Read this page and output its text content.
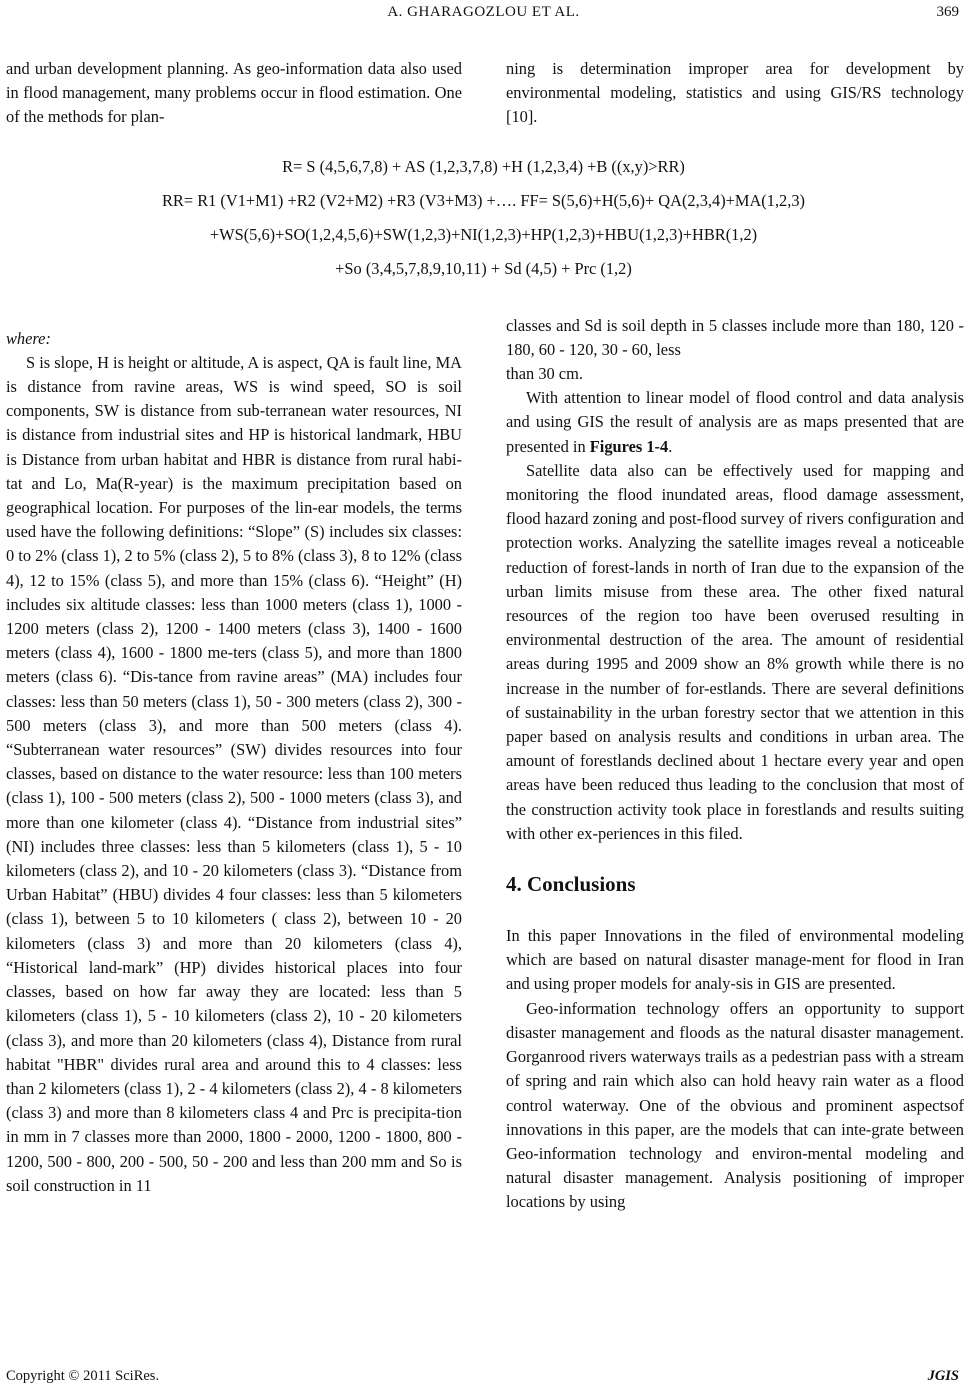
A. GHARAGOZLOU ET AL.	369

and urban development planning. As geo-information data also used in flood management, many problems occur in flood estimation. One of the methods for plan-

where:

S is slope, H is height or altitude, A is aspect, QA is fault line, MA is distance from ravine areas, WS is wind speed, SO is soil components, SW is distance from sub-terranean water resources, NI is distance from industrial sites and HP is historical landmark, HBU is Distance from urban habitat and HBR is distance from rural habi-tat and Lo, Ma(R-year) is the maximum precipitation based on geographical location. For purposes of the lin-ear models, the terms used have the following definitions: “Slope” (S) includes six classes: 0 to 2% (class 1), 2 to 5% (class 2), 5 to 8% (class 3), 8 to 12% (class 4), 12 to 15% (class 5), and more than 15% (class 6). “Height” (H) includes six altitude classes: less than 1000 meters (class 1), 1000 - 1200 meters (class 2), 1200 - 1400 meters (class 3), 1400 - 1600 meters (class 4), 1600 - 1800 me-ters (class 5), and more than 1800 meters (class 6). “Dis-tance from ravine areas” (MA) includes four classes: less than 50 meters (class 1), 50 - 300 meters (class 2), 300 - 500 meters (class 3), and more than 500 meters (class 4). “Subterranean water resources” (SW) divides resources into four classes, based on distance to the water resource: less than 100 meters (class 1), 100 - 500 meters (class 2), 500 - 1000 meters (class 3), and more than one kilometer (class 4). “Distance from industrial sites” (NI) includes three classes: less than 5 kilometers (class 1), 5 - 10 kilometers (class 2), and 10 - 20 kilometers (class 3). “Distance from Urban Habitat” (HBU) divides 4 four classes: less than 5 kilometers (class 1), between 5 to 10 kilometers ( class 2), between 10 - 20 kilometers (class 3) and more than 20 kilometers (class 4), “Historical land-mark” (HP) divides historical places into four classes, based on how far away they are located: less than 5 kilometers (class 1), 5 - 10 kilometers (class 2), 10 - 20 kilometers (class 3), and more than 20 kilometers (class 4), Distance from rural habitat "HBR" divides rural area and around this to 4 classes: less than 2 kilometers (class 1), 2 - 4 kilometers (class 2), 4 - 8 kilometers (class 3) and more than 8 kilometers class 4 and Prc is precipita-tion in mm in 7 classes more than 2000, 1800 - 2000, 1200 - 1800, 800 - 1200, 500 - 800, 200 - 500, 50 - 200 and less than 200 mm and So is soil construction in 11

R= S (4,5,6,7,8) + AS (1,2,3,7,8) +H (1,2,3,4) +B ((x,y)>RR)
RR= R1 (V1+M1) +R2 (V2+M2) +R3 (V3+M3) +…. FF= S(5,6)+H(5,6)+ QA(2,3,4)+MA(1,2,3)
+WS(5,6)+SO(1,2,4,5,6)+SW(1,2,3)+NI(1,2,3)+HP(1,2,3)+HBU(1,2,3)+HBR(1,2)
+So (3,4,5,7,8,9,10,11) + Sd (4,5) + Prc (1,2)

ning is determination improper area for development by environmental modeling, statistics and using GIS/RS technology [10].

classes and Sd is soil depth in 5 classes include more than 180, 120 - 180, 60 - 120, 30 - 60, less

than 30 cm.

With attention to linear model of flood control and data analysis and using GIS the result of analysis are as maps presented that are presented in Figures 1-4.

Satellite data also can be effectively used for mapping and monitoring the flood inundated areas, flood damage assessment, flood hazard zoning and post-flood survey of rivers configuration and protection works. Analyzing the satellite images reveal a noticeable reduction of forest-lands in north of Iran due to the expansion of the urban limits misuse from these area. The other fixed natural resources of the region too have been overused resulting in environmental destruction of the area. The amount of residential areas during 1995 and 2009 show an 8% growth while there is no increase in the number of for-estlands. There are several definitions of sustainability in the urban forestry sector that we attention in this paper based on analysis results and conditions in urban area. The amount of forestlands declined about 1 hectare every year and open areas have been reduced thus leading to the conclusion that most of the construction activity took place in forestlands and results suiting with other ex-periences in this filed.

4. Conclusions

In this paper Innovations in the filed of environmental modeling which are based on natural disaster manage-ment for flood in Iran and using proper models for analy-sis in GIS are presented.

Geo-information technology offers an opportunity to support disaster management and floods as the natural disaster management. Gorganrood rivers waterways trails as a pedestrian pass with a stream of spring and rain which also can hold heavy rain water as a flood control waterway. One of the obvious and prominent aspectsof innovations in this paper, are the models that can inte-grate between Geo-information technology and environ-mental modeling and natural disaster management. Analysis positioning of improper locations by using

Copyright © 2011 SciRes.	JGIS
